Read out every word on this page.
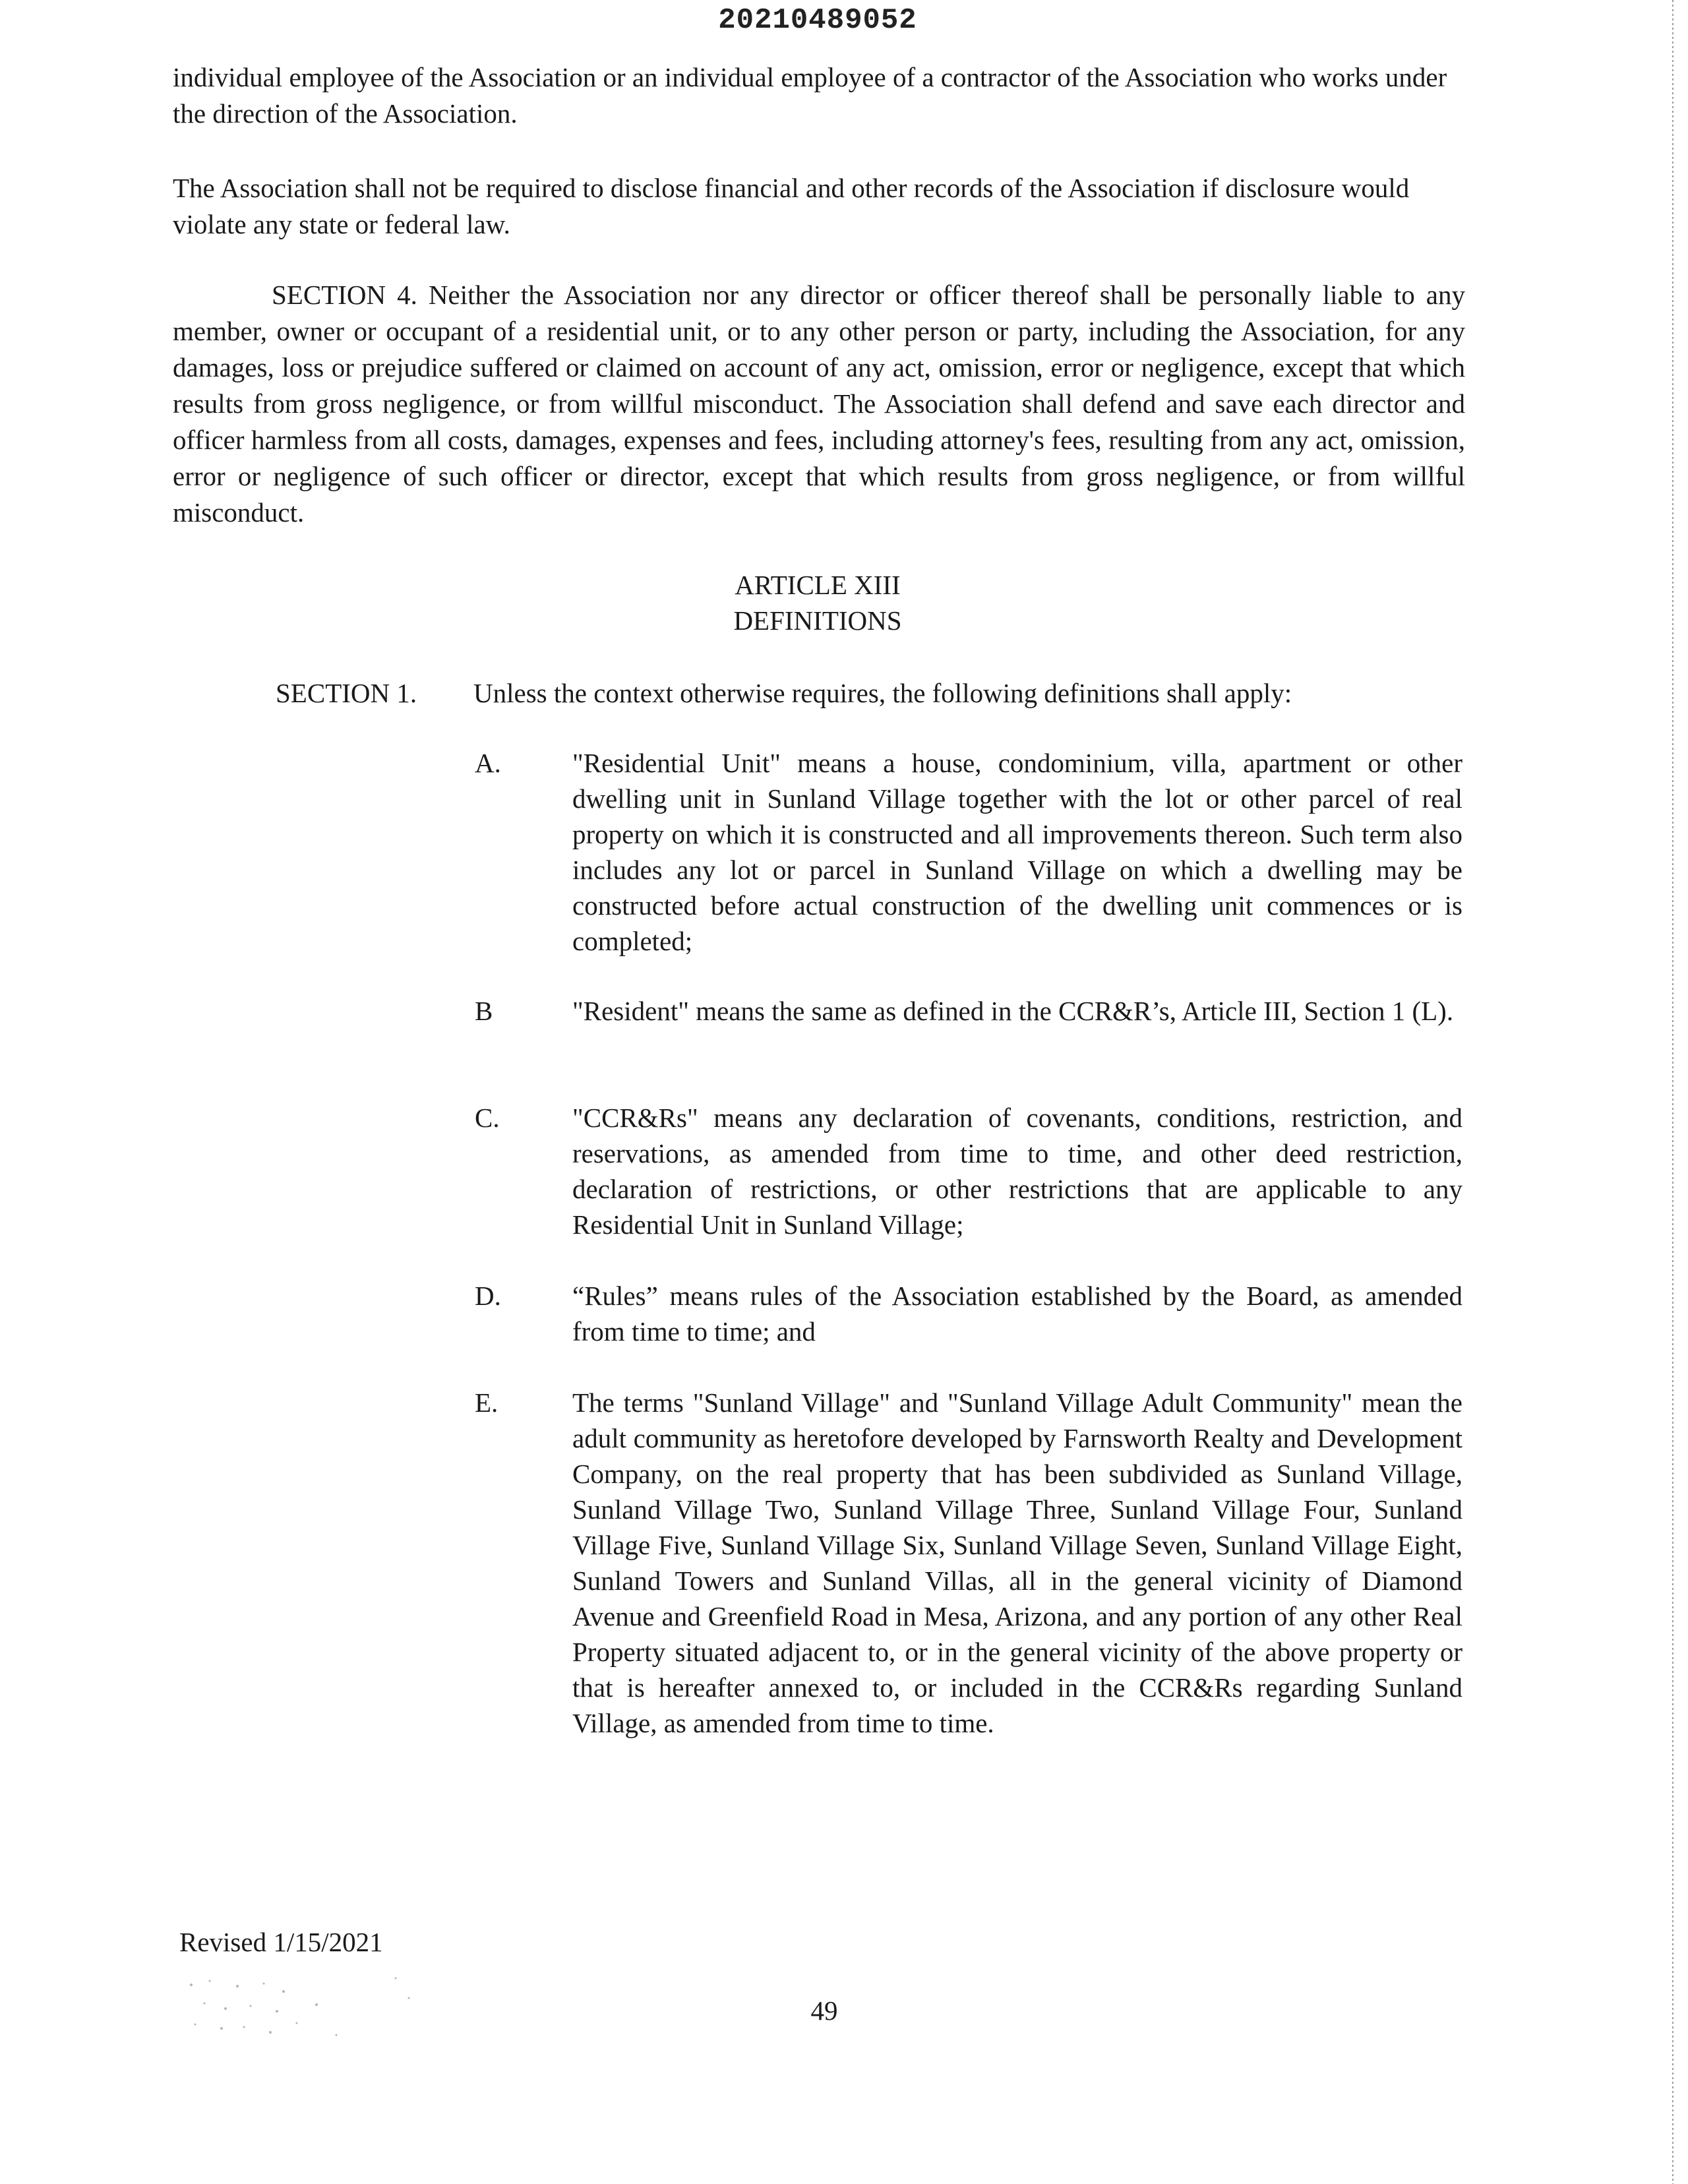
20210489052
individual employee of the Association or an individual employee of a contractor of the Association who works under the direction of the Association.
The Association shall not be required to disclose financial and other records of the Association if disclosure would violate any state or federal law.
SECTION 4. Neither the Association nor any director or officer thereof shall be personally liable to any member, owner or occupant of a residential unit, or to any other person or party, including the Association, for any damages, loss or prejudice suffered or claimed on account of any act, omission, error or negligence, except that which results from gross negligence, or from willful misconduct. The Association shall defend and save each director and officer harmless from all costs, damages, expenses and fees, including attorney's fees, resulting from any act, omission, error or negligence of such officer or director, except that which results from gross negligence, or from willful misconduct.
ARTICLE XIII
DEFINITIONS
SECTION 1. Unless the context otherwise requires, the following definitions shall apply:
A.	"Residential Unit" means a house, condominium, villa, apartment or other dwelling unit in Sunland Village together with the lot or other parcel of real property on which it is constructed and all improvements thereon. Such term also includes any lot or parcel in Sunland Village on which a dwelling may be constructed before actual construction of the dwelling unit commences or is completed;
B	"Resident" means the same as defined in the CCR&R’s, Article III, Section 1 (L).
C.	"CCR&Rs" means any declaration of covenants, conditions, restriction, and reservations, as amended from time to time, and other deed restriction, declaration of restrictions, or other restrictions that are applicable to any Residential Unit in Sunland Village;
D.	“Rules” means rules of the Association established by the Board, as amended from time to time; and
E.	The terms "Sunland Village" and "Sunland Village Adult Community" mean the adult community as heretofore developed by Farnsworth Realty and Development Company, on the real property that has been subdivided as Sunland Village, Sunland Village Two, Sunland Village Three, Sunland Village Four, Sunland Village Five, Sunland Village Six, Sunland Village Seven, Sunland Village Eight, Sunland Towers and Sunland Villas, all in the general vicinity of Diamond Avenue and Greenfield Road in Mesa, Arizona, and any portion of any other Real Property situated adjacent to, or in the general vicinity of the above property or that is hereafter annexed to, or included in the CCR&Rs regarding Sunland Village, as amended from time to time.
Revised 1/15/2021
49
